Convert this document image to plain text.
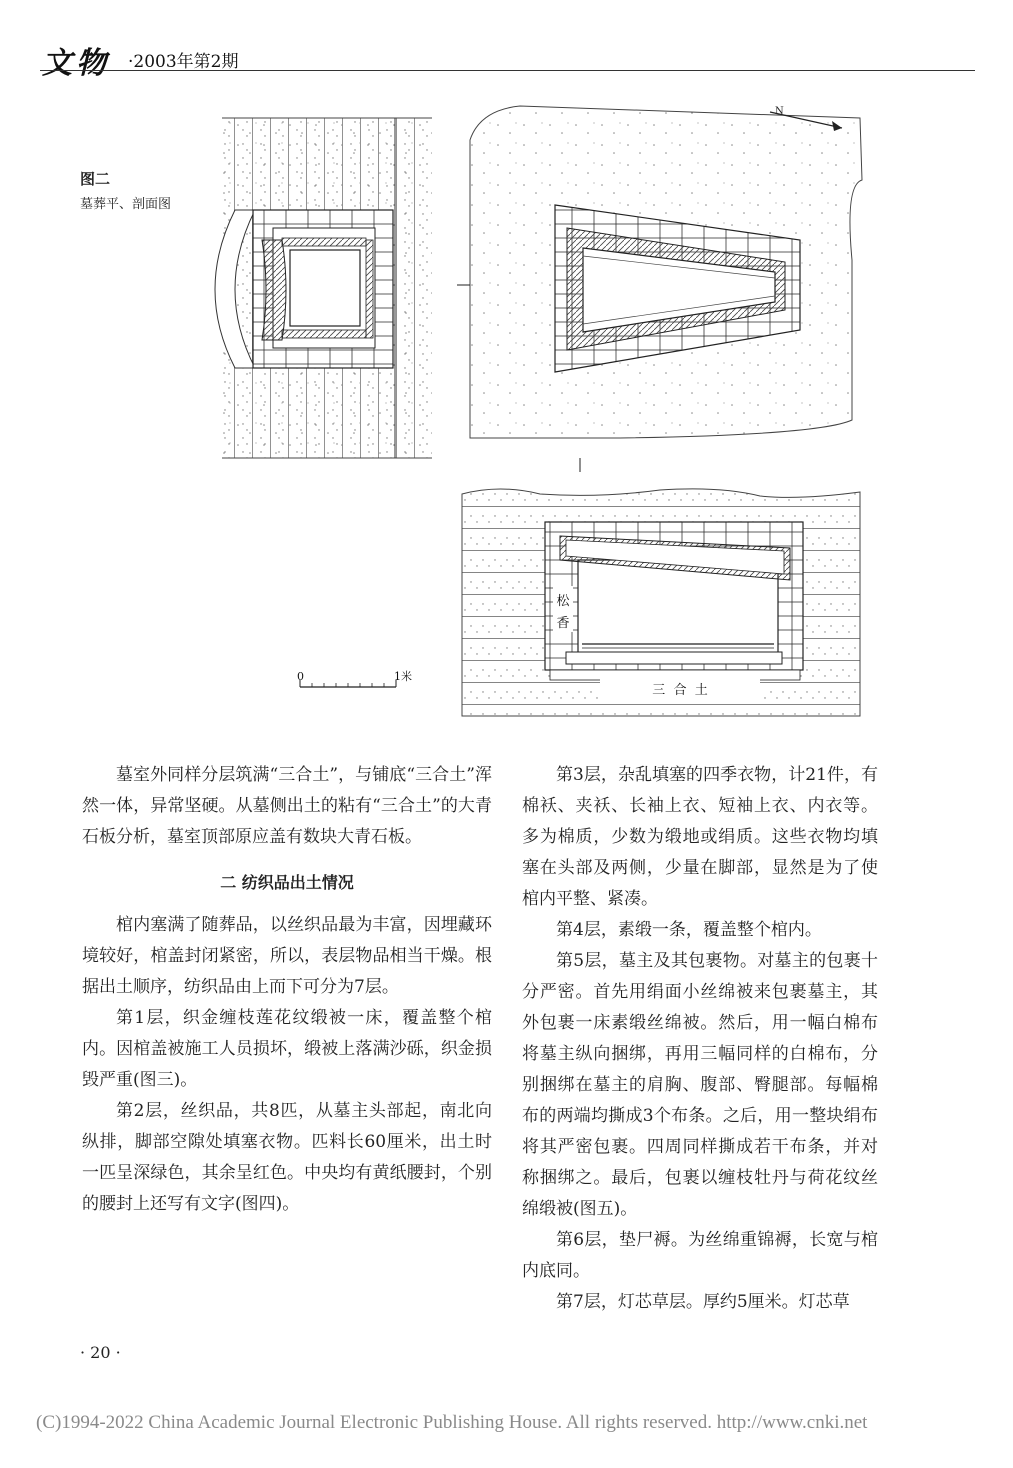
文物 ·2003年第2期
图二
墓葬平、剖面图
N
松
香
三  合  土
0	1米

墓室外同样分层筑满“三合土”，与铺底“三合土”浑然一体，异常坚硬。从墓侧出土的粘有“三合土”的大青石板分析，墓室顶部原应盖有数块大青石板。

二 纺织品出土情况

棺内塞满了随葬品，以丝织品最为丰富，因埋藏环境较好，棺盖封闭紧密，所以，表层物品相当干燥。根据出土顺序，纺织品由上而下可分为7层。

第1层，织金缠枝莲花纹缎被一床，覆盖整个棺内。因棺盖被施工人员损坏，缎被上落满沙砾，织金损毁严重(图三)。

第2层，丝织品，共8匹，从墓主头部起，南北向纵排，脚部空隙处填塞衣物。匹料长60厘米，出土时一匹呈深绿色，其余呈红色。中央均有黄纸腰封，个别的腰封上还写有文字(图四)。

第3层，杂乱填塞的四季衣物，计21件，有棉袄、夹袄、长袖上衣、短袖上衣、内衣等。多为棉质，少数为缎地或绢质。这些衣物均填塞在头部及两侧，少量在脚部，显然是为了使棺内平整、紧凑。

第4层，素缎一条，覆盖整个棺内。

第5层，墓主及其包裹物。对墓主的包裹十分严密。首先用绢面小丝绵被来包裹墓主，其外包裹一床素缎丝绵被。然后，用一幅白棉布将墓主纵向捆绑，再用三幅同样的白棉布，分别捆绑在墓主的肩胸、腹部、臀腿部。每幅棉布的两端均撕成3个布条。之后，用一整块绢布将其严密包裹。四周同样撕成若干布条，并对称捆绑之。最后，包裹以缠枝牡丹与荷花纹丝绵缎被(图五)。

第6层，垫尸褥。为丝绵重锦褥，长宽与棺内底同。

第7层，灯芯草层。厚约5厘米。灯芯草

· 20 ·
(C)1994-2022 China Academic Journal Electronic Publishing House. All rights reserved. http://www.cnki.net
